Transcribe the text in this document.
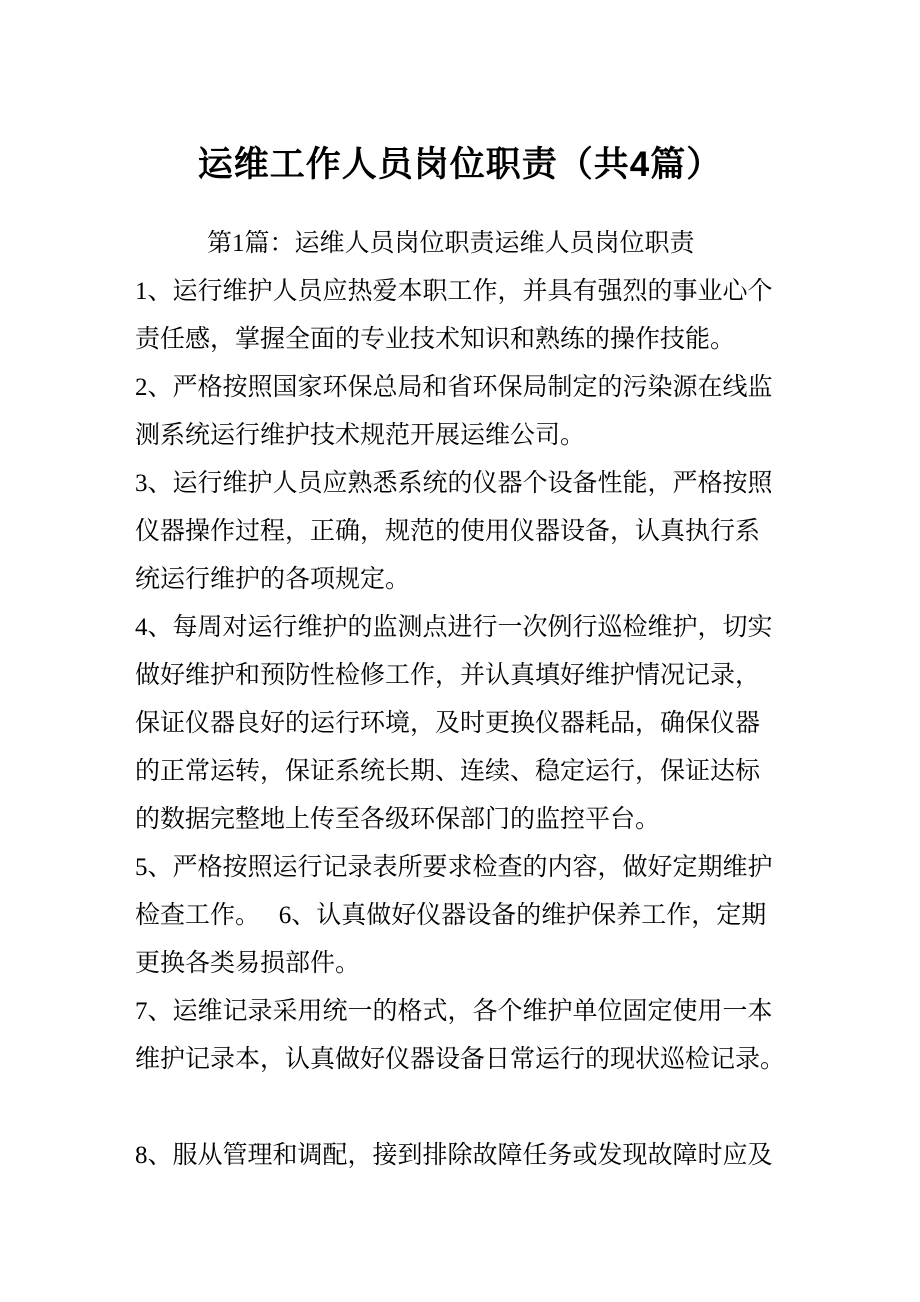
运维工作人员岗位职责（共4篇）
第1篇：运维人员岗位职责运维人员岗位职责
1、运行维护人员应热爱本职工作，并具有强烈的事业心个
责任感，掌握全面的专业技术知识和熟练的操作技能。
2、严格按照国家环保总局和省环保局制定的污染源在线监
测系统运行维护技术规范开展运维公司。
3、运行维护人员应熟悉系统的仪器个设备性能，严格按照
仪器操作过程，正确，规范的使用仪器设备，认真执行系
统运行维护的各项规定。
4、每周对运行维护的监测点进行一次例行巡检维护，切实
做好维护和预防性检修工作，并认真填好维护情况记录，
保证仪器良好的运行环境，及时更换仪器耗品，确保仪器
的正常运转，保证系统长期、连续、稳定运行，保证达标
的数据完整地上传至各级环保部门的监控平台。
5、严格按照运行记录表所要求检查的内容，做好定期维护
检查工作。　 6、认真做好仪器设备的维护保养工作，定期
更换各类易损部件。
7、运维记录采用统一的格式，各个维护单位固定使用一本
维护记录本，认真做好仪器设备日常运行的现状巡检记录。
8、服从管理和调配，接到排除故障任务或发现故障时应及
